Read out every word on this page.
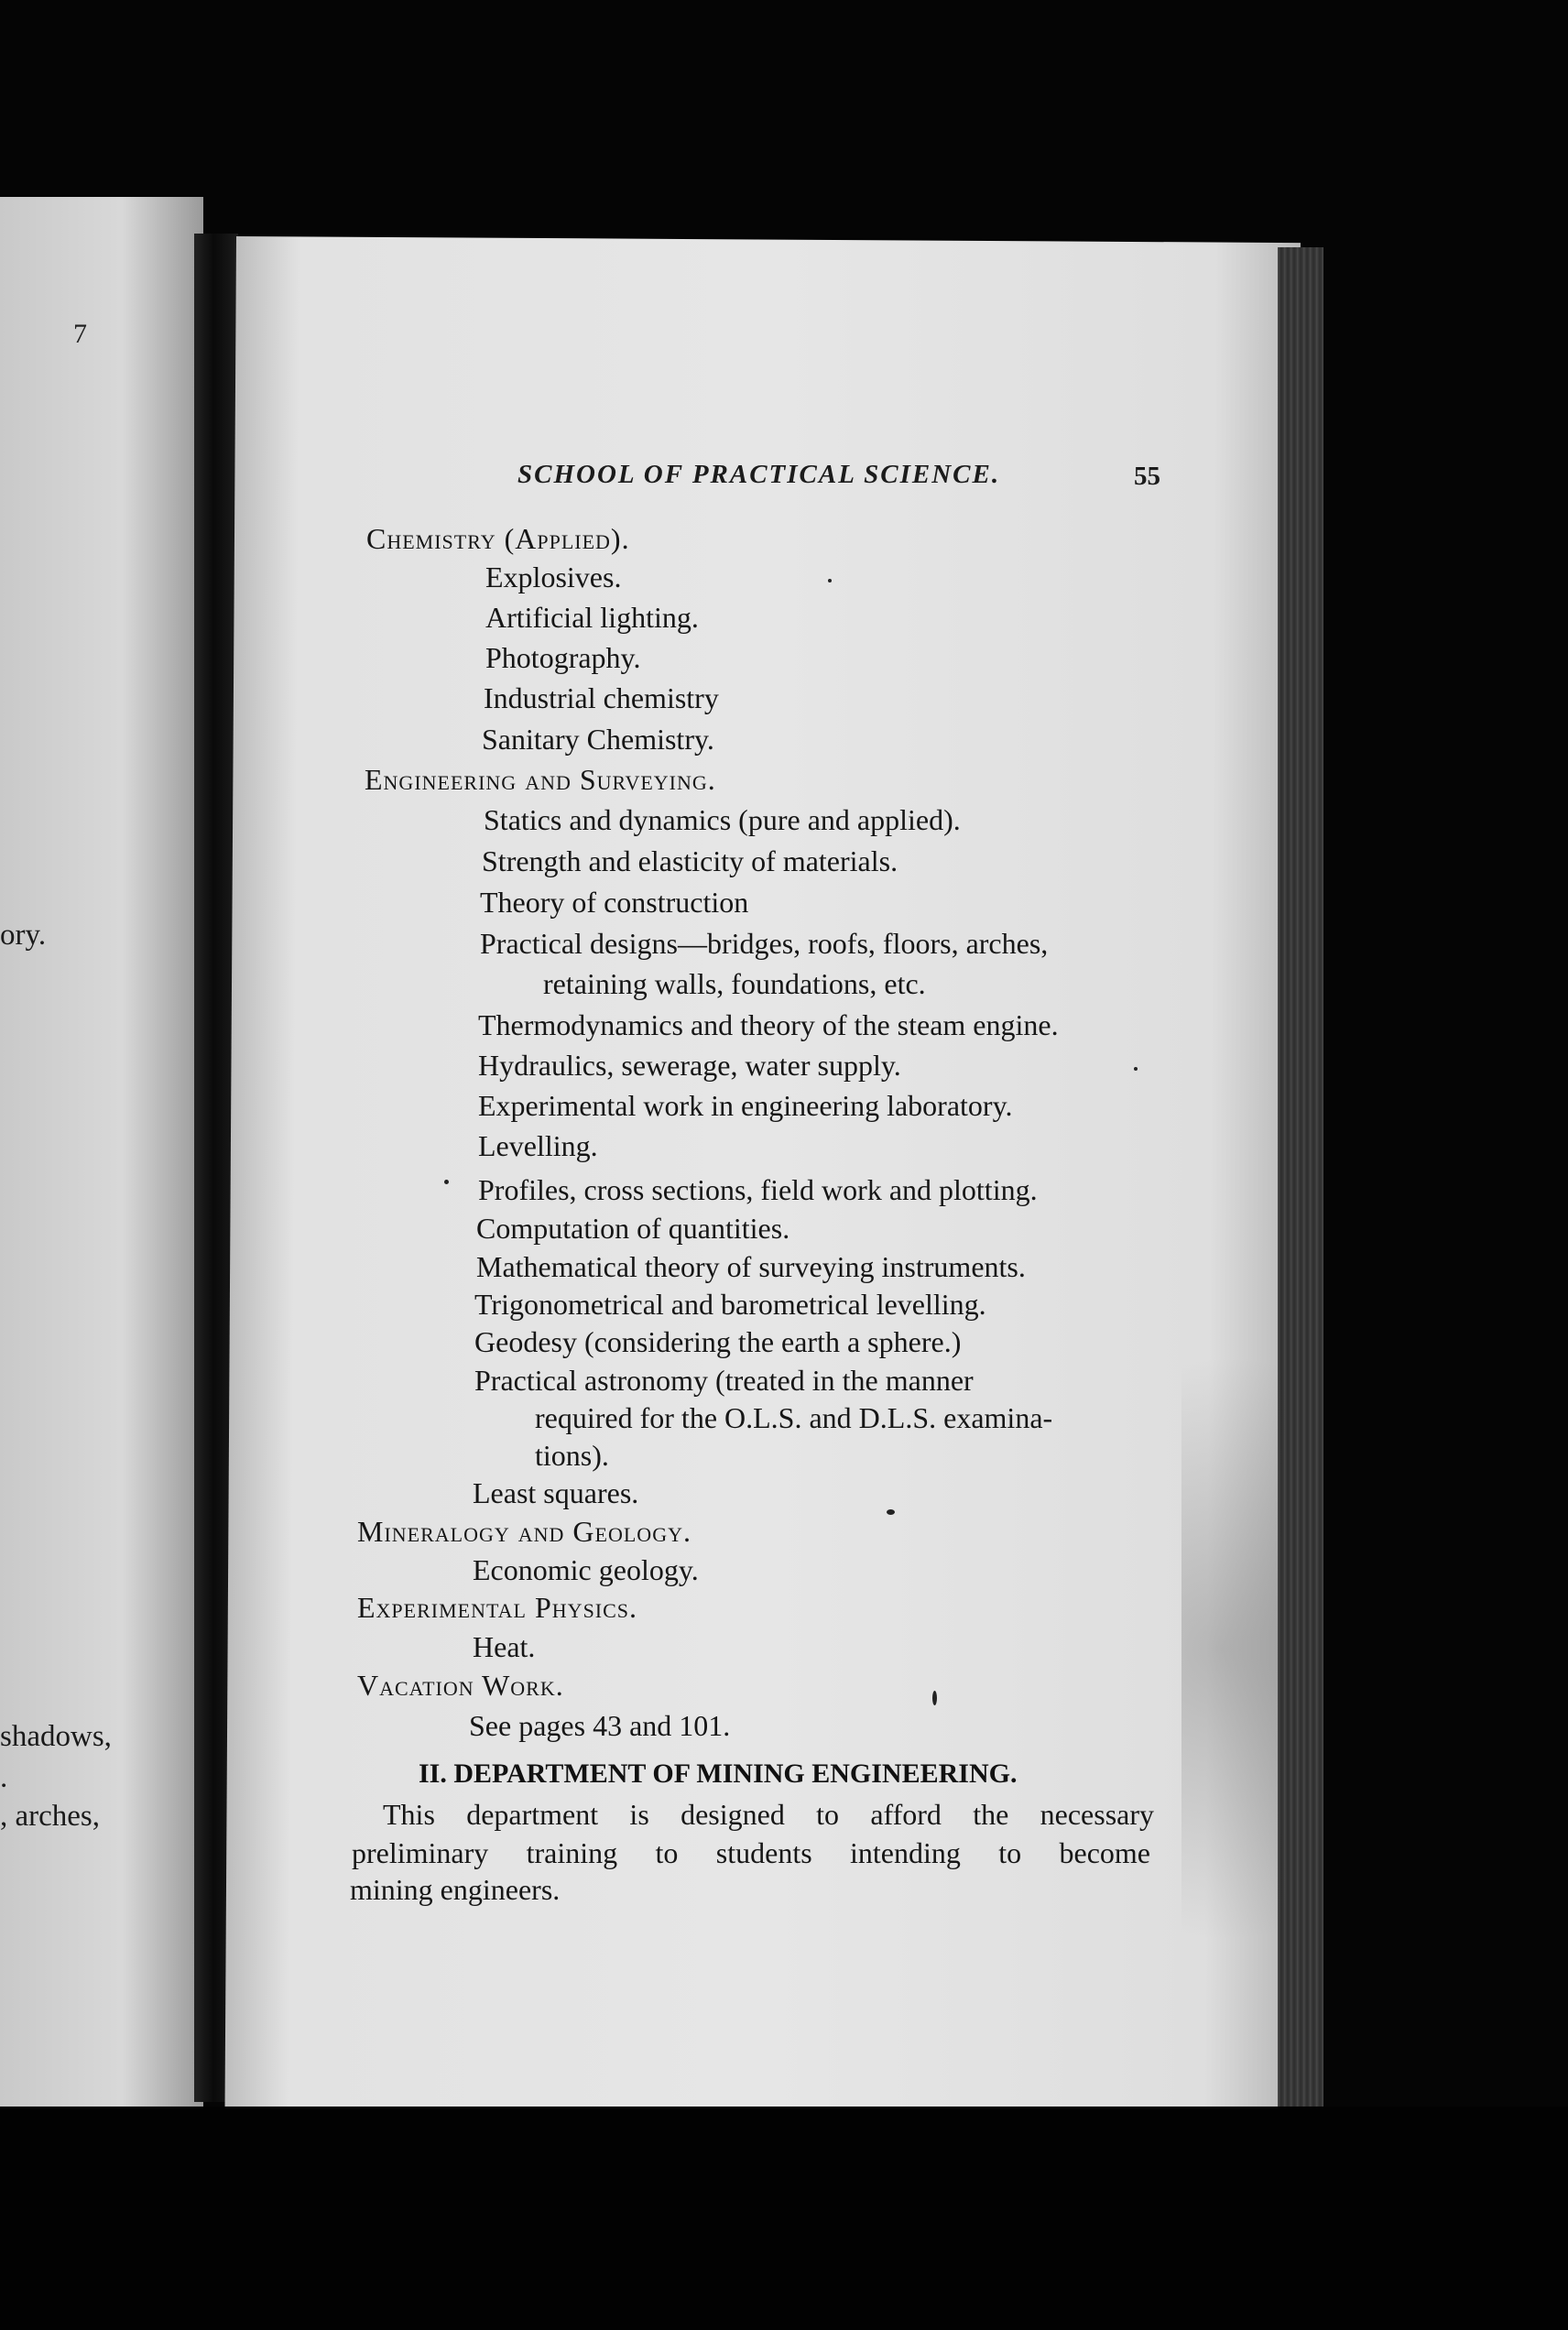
7
ory.
shadows,
.
, arches,
SCHOOL OF PRACTICAL SCIENCE.	55
Chemistry (Applied).
Explosives.
Artificial lighting.
Photography.
Industrial chemistry
Sanitary Chemistry.
Engineering and Surveying.
Statics and dynamics (pure and applied).
Strength and elasticity of materials.
Theory of construction
Practical designs—bridges, roofs, floors, arches,
retaining walls, foundations, etc.
Thermodynamics and theory of the steam engine.
Hydraulics, sewerage, water supply.
Experimental work in engineering laboratory.
Levelling.
Profiles, cross sections, field work and plotting.
Computation of quantities.
Mathematical theory of surveying instruments.
Trigonometrical and barometrical levelling.
Geodesy (considering the earth a sphere.)
Practical astronomy (treated in the manner
required for the O.L.S. and D.L.S. examina-
tions).
Least squares.
Mineralogy and Geology.
Economic geology.
Experimental Physics.
Heat.
Vacation Work.
See pages 43 and 101.
II. DEPARTMENT OF MINING ENGINEERING.
This department is designed to afford the necessary
preliminary training to students intending to become
mining engineers.
